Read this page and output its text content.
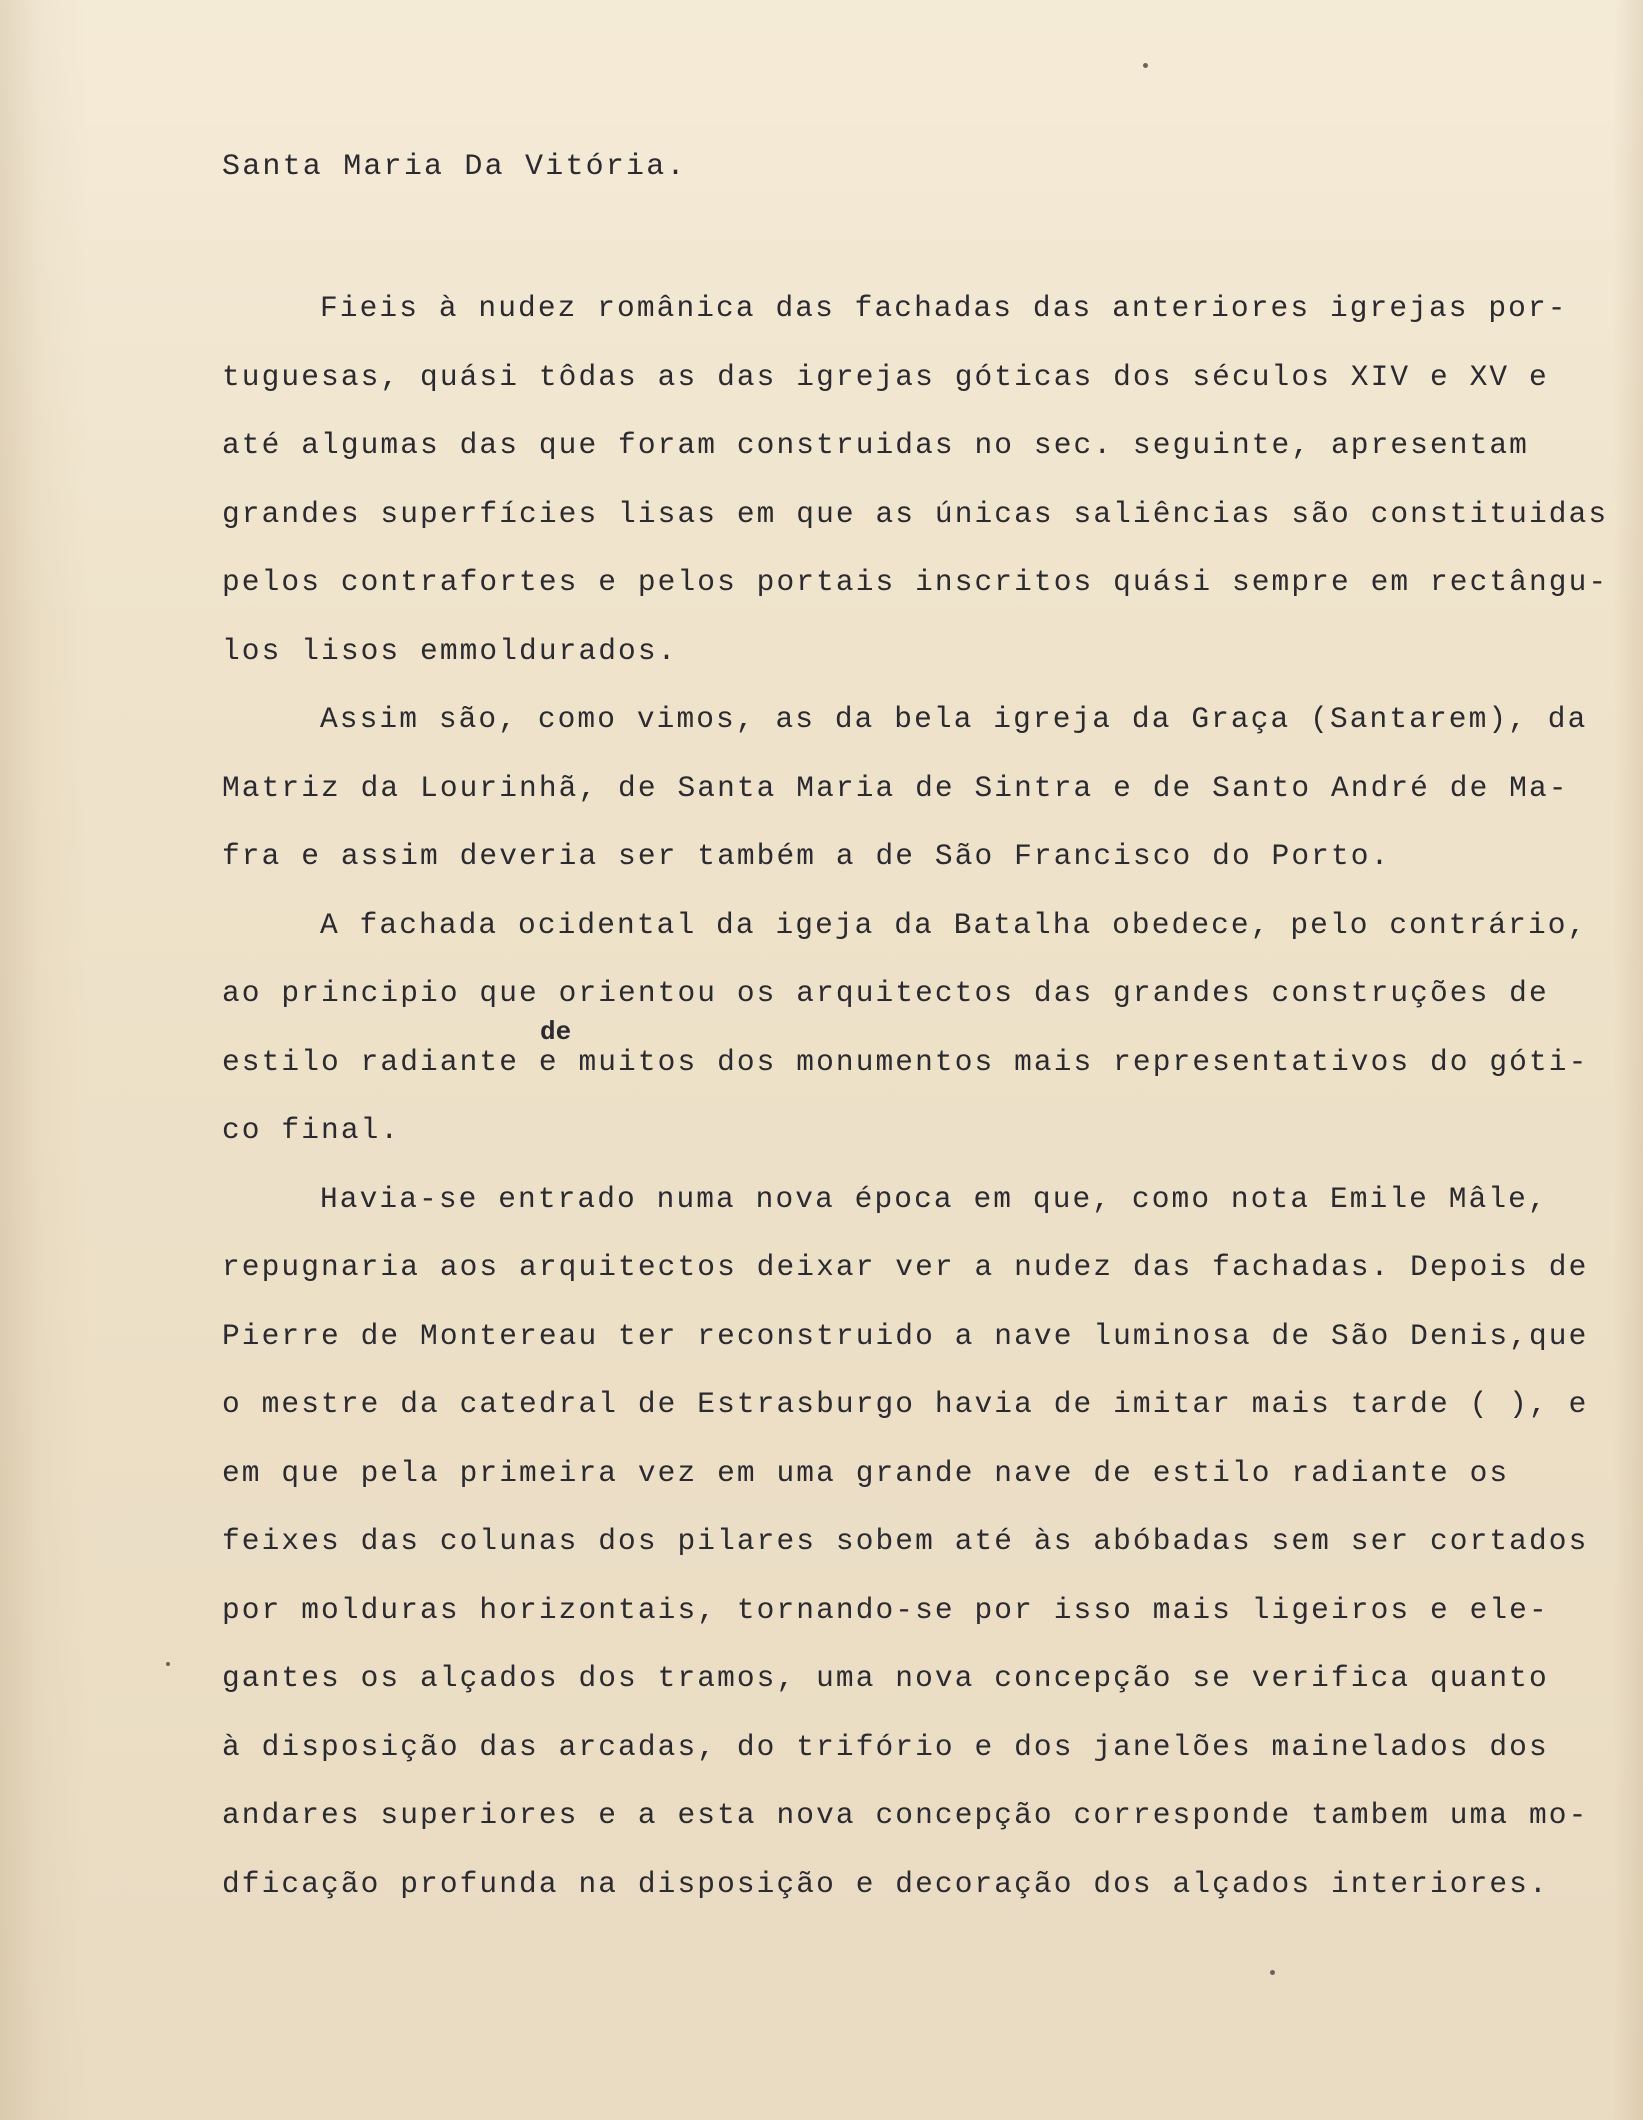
Santa Maria Da Vitória.
Fieis à nudez românica das fachadas das anteriores igrejas por-
tuguesas, quási tôdas as das igrejas góticas dos séculos XIV e XV e
até algumas das que foram construidas no sec. seguinte, apresentam
grandes superfícies lisas em que as únicas saliências são constituidas
pelos contrafortes e pelos portais inscritos quási sempre em rectângu-
los lisos emmoldurados.
Assim são, como vimos, as da bela igreja da Graça (Santarem), da
Matriz da Lourinhã, de Santa Maria de Sintra e de Santo André de Ma-
fra e assim deveria ser também a de São Francisco do Porto.
A fachada ocidental da igeja da Batalha obedece, pelo contrário,
ao principio que orientou os arquitectos das grandes construções de
estilo radiante e muitos dos monumentos mais representativos do góti-
co final.
Havia-se entrado numa nova época em que, como nota Emile Mâle,
repugnaria aos arquitectos deixar ver a nudez das fachadas. Depois de
Pierre de Montereau ter reconstruido a nave luminosa de São Denis,que
o mestre da catedral de Estrasburgo havia de imitar mais tarde ( ), e
em que pela primeira vez em uma grande nave de estilo radiante os
feixes das colunas dos pilares sobem até às abóbadas sem ser cortados
por molduras horizontais, tornando-se por isso mais ligeiros e ele-
gantes os alçados dos tramos, uma nova concepção se verifica quanto
à disposição das arcadas, do trifório e dos janelões mainelados dos
andares superiores e a esta nova concepção corresponde tambem uma mo-
dficação profunda na disposição e decoração dos alçados interiores.
de
